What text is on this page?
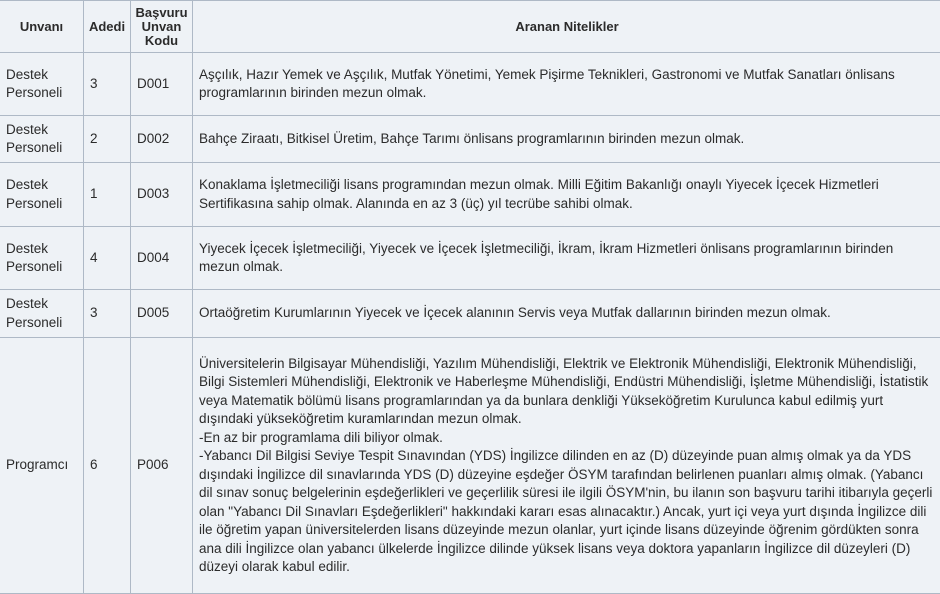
Unvanı	Adedi	Başvuru Unvan Kodu	Aranan Nitelikler
Destek Personeli	3	D001	Aşçılık, Hazır Yemek ve Aşçılık, Mutfak Yönetimi, Yemek Pişirme Teknikleri, Gastronomi ve Mutfak Sanatları önlisans programlarının birinden mezun olmak.
Destek Personeli	2	D002	Bahçe Ziraatı, Bitkisel Üretim, Bahçe Tarımı önlisans programlarının birinden mezun olmak.
Destek Personeli	1	D003	Konaklama İşletmeciliği lisans programından mezun olmak. Milli Eğitim Bakanlığı onaylı Yiyecek İçecek Hizmetleri Sertifikasına sahip olmak. Alanında en az 3 (üç) yıl tecrübe sahibi olmak.
Destek Personeli	4	D004	Yiyecek İçecek İşletmeciliği, Yiyecek ve İçecek İşletmeciliği, İkram, İkram Hizmetleri önlisans programlarının birinden mezun olmak.
Destek Personeli	3	D005	Ortaöğretim Kurumlarının Yiyecek ve İçecek alanının Servis veya Mutfak dallarının birinden mezun olmak.
Programcı	6	P006	Üniversitelerin Bilgisayar Mühendisliği, Yazılım Mühendisliği, Elektrik ve Elektronik Mühendisliği, Elektronik Mühendisliği, Bilgi Sistemleri Mühendisliği, Elektronik ve Haberleşme Mühendisliği, Endüstri Mühendisliği, İşletme Mühendisliği, İstatistik veya Matematik bölümü lisans programlarından ya da bunlara denkliği Yükseköğretim Kurulunca kabul edilmiş yurt dışındaki yükseköğretim kuramlarından mezun olmak.
-En az bir programlama dili biliyor olmak.
-Yabancı Dil Bilgisi Seviye Tespit Sınavından (YDS) İngilizce dilinden en az (D) düzeyinde puan almış olmak ya da YDS dışındaki İngilizce dil sınavlarında YDS (D) düzeyine eşdeğer ÖSYM tarafından belirlenen puanları almış olmak. (Yabancı dil sınav sonuç belgelerinin eşdeğerlikleri ve geçerlilik süresi ile ilgili ÖSYM'nin, bu ilanın son başvuru tarihi itibarıyla geçerli olan "Yabancı Dil Sınavları Eşdeğerlikleri" hakkındaki kararı esas alınacaktır.) Ancak, yurt içi veya yurt dışında İngilizce dili ile öğretim yapan üniversitelerden lisans düzeyinde mezun olanlar, yurt içinde lisans düzeyinde öğrenim gördükten sonra ana dili İngilizce olan yabancı ülkelerde İngilizce dilinde yüksek lisans veya doktora yapanların İngilizce dil düzeyleri (D) düzeyi olarak kabul edilir.
